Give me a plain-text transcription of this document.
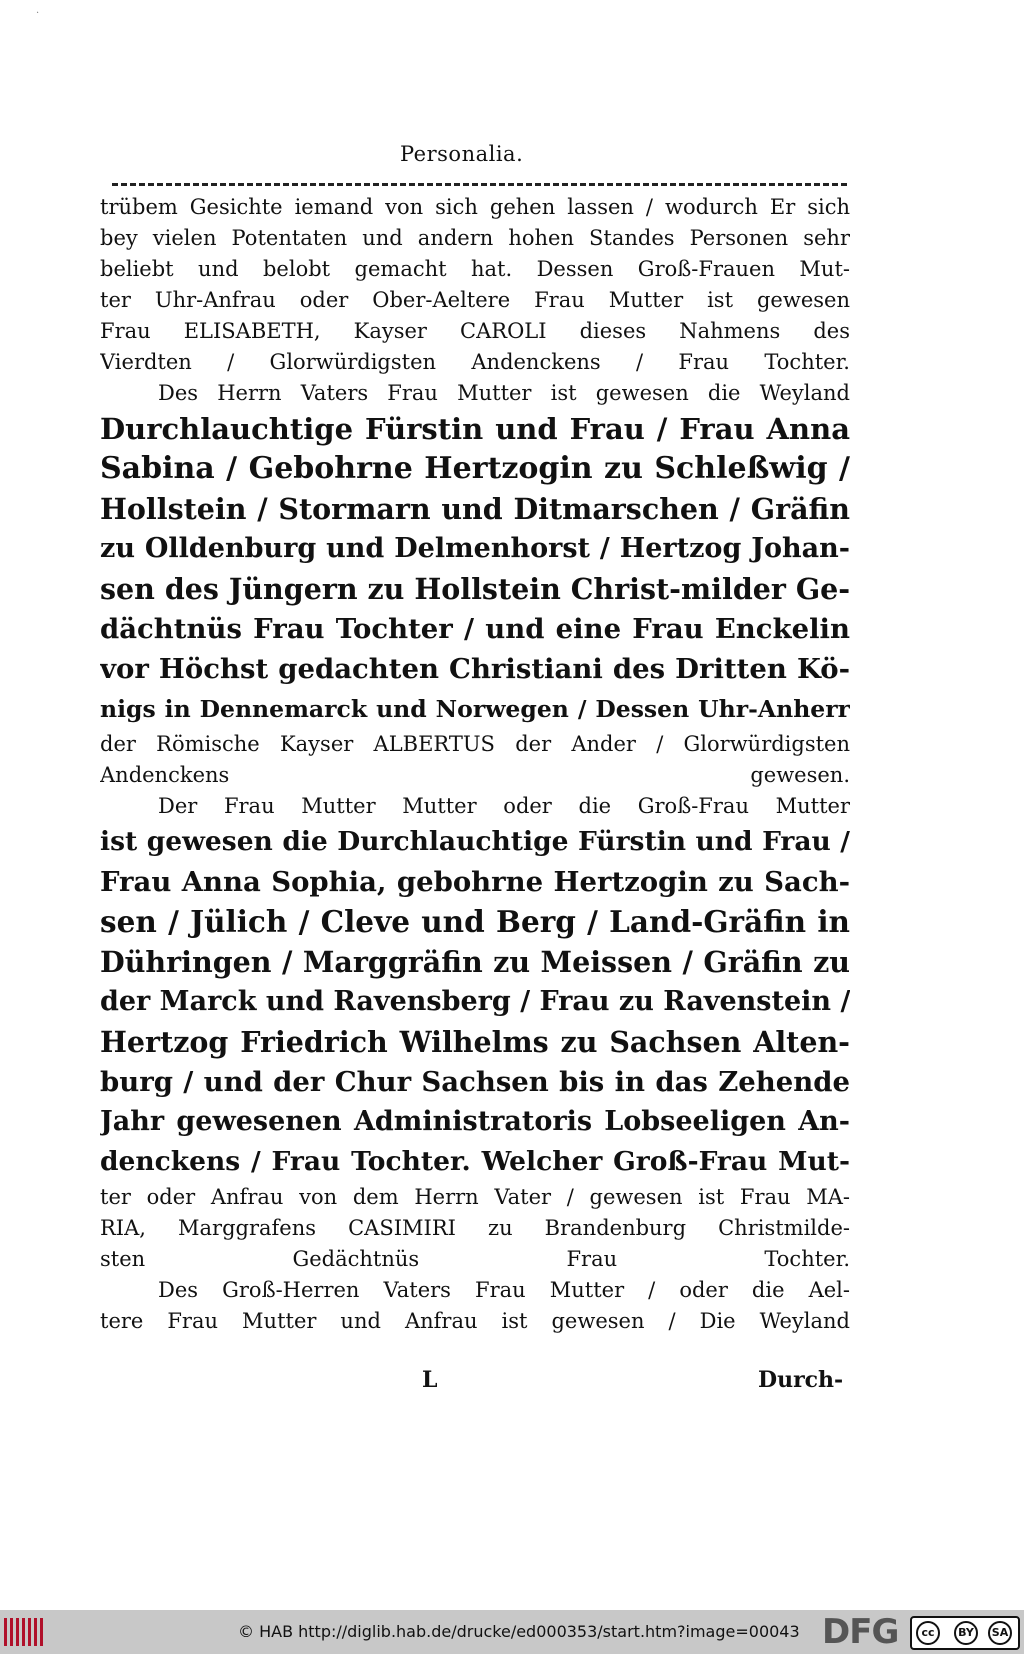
·
Personalia.
trübem Gesichte iemand von sich gehen lassen / wodurch Er sich
bey vielen Potentaten und andern hohen Standes Personen sehr
beliebt und belobt gemacht hat. Dessen Groß-Frauen Mut-
ter Uhr-Anfrau oder Ober-Aeltere Frau Mutter ist gewesen
Frau ELISABETH, Kayser CAROLI dieses Nahmens des
Vierdten / Glorwürdigsten Andenckens / Frau Tochter.
Des Herrn Vaters Frau Mutter ist gewesen die Weyland
Durchlauchtige Fürstin und Frau / Frau Anna
Sabina / Gebohrne Hertzogin zu Schleßwig /
Hollstein / Stormarn und Ditmarschen / Gräfin
zu Olldenburg und Delmenhorst / Hertzog Johan-
sen des Jüngern zu Hollstein Christ-milder Ge-
dächtnüs Frau Tochter / und eine Frau Enckelin
vor Höchst gedachten Christiani des Dritten Kö-
nigs in Dennemarck und Norwegen / Dessen Uhr-Anherr
der Römische Kayser ALBERTUS der Ander / Glorwürdigsten
Andenckens gewesen.
Der Frau Mutter Mutter oder die Groß-Frau Mutter
ist gewesen die Durchlauchtige Fürstin und Frau /
Frau Anna Sophia, gebohrne Hertzogin zu Sach-
sen / Jülich / Cleve und Berg / Land-Gräfin in
Dühringen / Marggräfin zu Meissen / Gräfin zu
der Marck und Ravensberg / Frau zu Ravenstein /
Hertzog Friedrich Wilhelms zu Sachsen Alten-
burg / und der Chur Sachsen bis in das Zehende
Jahr gewesenen Administratoris Lobseeligen An-
denckens / Frau Tochter. Welcher Groß-Frau Mut-
ter oder Anfrau von dem Herrn Vater / gewesen ist Frau MA-
RIA, Marggrafens CASIMIRI zu Brandenburg Christmilde-
sten Gedächtnüs Frau Tochter.
Des Groß-Herren Vaters Frau Mutter / oder die Ael-
tere Frau Mutter und Anfrau ist gewesen / Die Weyland
L	Durch-
© HAB http://diglib.hab.de/drucke/ed000353/start.htm?image=00043 DFG	cc	BY	SA
